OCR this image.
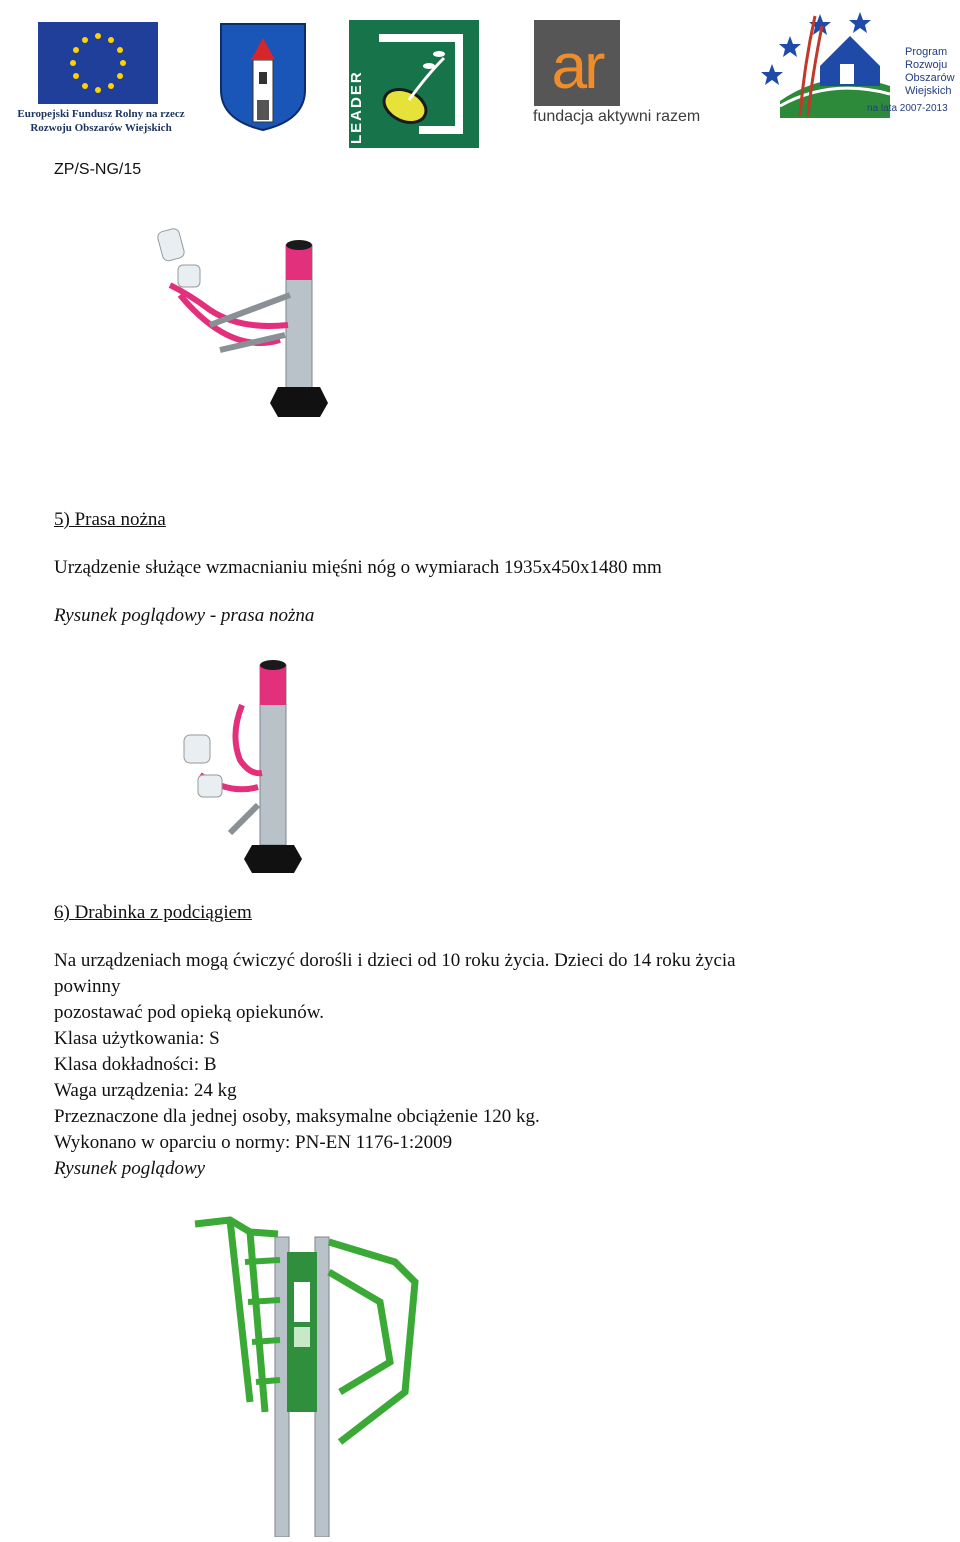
Europejski Fundusz Rolny na rzecz
Rozwoju Obszarów Wiejskich	LEADER
ar
fundacja aktywni razem
Program
Rozwoju
Obszarów
Wiejskich
na lata 2007-2013
ZP/S-NG/15
5) Prasa nożna
Urządzenie służące wzmacnianiu mięśni nóg o wymiarach 1935x450x1480 mm
Rysunek poglądowy - prasa nożna
6) Drabinka z podciągiem
Na urządzeniach mogą ćwiczyć dorośli i dzieci od 10 roku życia. Dzieci do 14 roku życia
powinny
pozostawać pod opieką opiekunów.
Klasa użytkowania: S
Klasa dokładności: B
Waga urządzenia: 24 kg
Przeznaczone dla jednej osoby, maksymalne obciążenie 120 kg.
Wykonano w oparciu o normy: PN-EN 1176-1:2009
Rysunek poglądowy
